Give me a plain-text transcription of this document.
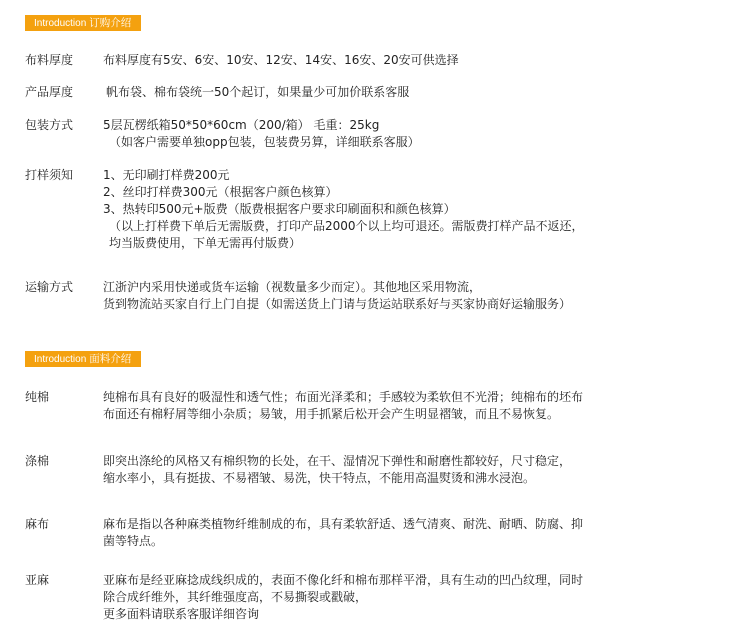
Introduction 订购介绍
布料厚度 布料厚度有5安、6安、10安、12安、14安、16安、20安可供选择
产品厚度	帆布袋、棉布袋统一50个起订，如果量少可加价联系客服
包装方式 5层瓦楞纸箱50*50*60cm（200/箱） 毛重：25kg
（如客户需要单独opp包装，包装费另算，详细联系客服）
打样须知 1、无印刷打样费200元
2、丝印打样费300元（根据客户颜色核算）
3、热转印500元+版费（版费根据客户要求印刷面积和颜色核算）
（以上打样费下单后无需版费，打印产品2000个以上均可退还。需版费打样产品不返还，
均当版费使用，下单无需再付版费）
运输方式 江浙沪内采用快递或货车运输（视数量多少而定）。其他地区采用物流，
货到物流站买家自行上门自提（如需送货上门请与货运站联系好与买家协商好运输服务）
Introduction 面料介绍
纯棉	纯棉布具有良好的吸湿性和透气性；布面光泽柔和；手感较为柔软但不光滑；纯棉布的坯布
布面还有棉籽屑等细小杂质；易皱，用手抓紧后松开会产生明显褶皱，而且不易恢复。
涤棉	即突出涤纶的风格又有棉织物的长处，在干、湿情况下弹性和耐磨性都较好，尺寸稳定，
缩水率小，具有挺拔、不易褶皱、易洗，快干特点，不能用高温熨烫和沸水浸泡。
麻布	麻布是指以各种麻类植物纤维制成的布，具有柔软舒适、透气清爽、耐洗、耐晒、防腐、抑
菌等特点。
亚麻	亚麻布是经亚麻捻成线织成的，表面不像化纤和棉布那样平滑，具有生动的凹凸纹理，同时
除合成纤维外，其纤维强度高，不易撕裂或戳破，
更多面料请联系客服详细咨询
